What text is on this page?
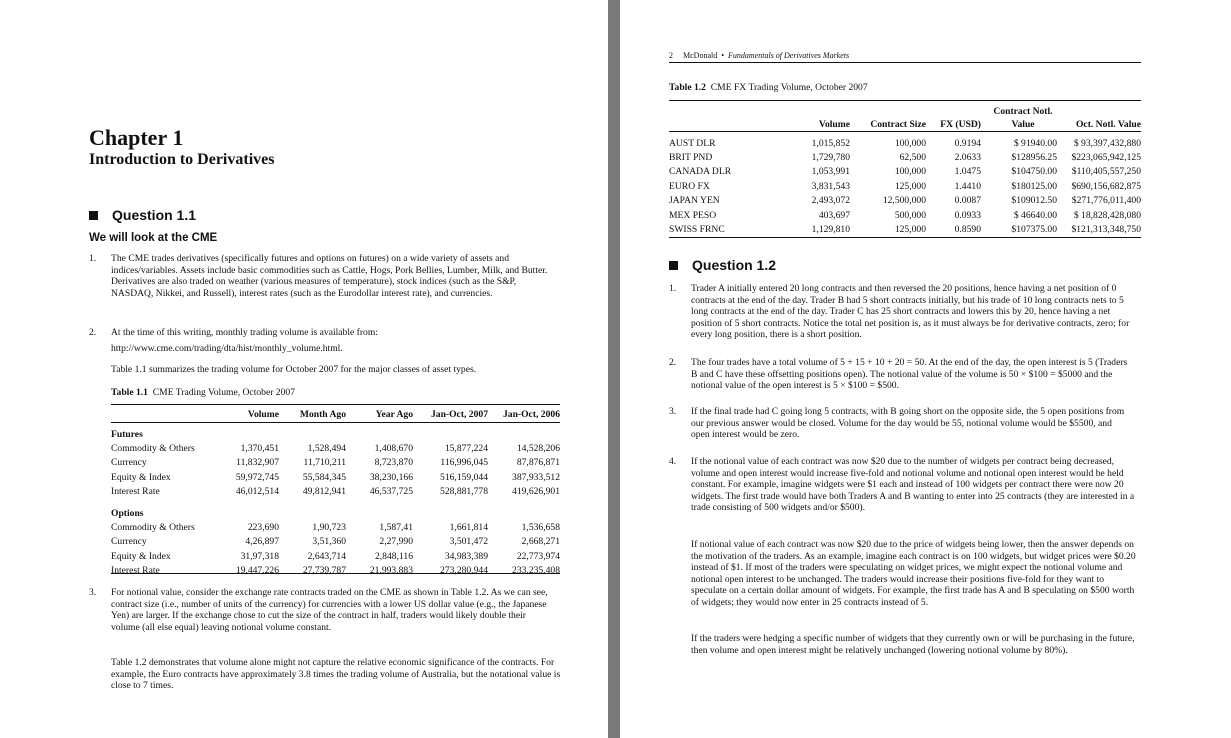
Chapter 1
Introduction to Derivatives
Question 1.1
We will look at the CME
1. The CME trades derivatives (specifically futures and options on futures) on a wide variety of assets and indices/variables. Assets include basic commodities such as Cattle, Hogs, Pork Bellies, Lumber, Milk, and Butter. Derivatives are also traded on weather (various measures of temperature), stock indices (such as the S&P, NASDAQ, Nikkei, and Russell), interest rates (such as the Eurodollar interest rate), and currencies.
2. At the time of this writing, monthly trading volume is available from:
http://www.cme.com/trading/dta/hist/monthly_volume.html.
Table 1.1 summarizes the trading volume for October 2007 for the major classes of asset types.
Table 1.1 CME Trading Volume, October 2007
	Volume	Month Ago	Year Ago	Jan-Oct, 2007	Jan-Oct, 2006

Futures					
Commodity & Others	1,370,451	1,528,494	1,408,670	15,877,224	14,528,206
Currency	11,832,907	11,710,211	8,723,870	116,996,045	87,876,871
Equity & Index	59,972,745	55,584,345	38,230,166	516,159,044	387,933,512
Interest Rate	46,012,514	49,812,941	46,537,725	528,881,778	419,626,901

Options					
Commodity & Others	223,690	1,90,723	1,587,41	1,661,814	1,536,658
Currency	4,26,897	3,51,360	2,27,990	3,501,472	2,668,271
Equity & Index	31,97,318	2,643,714	2,848,116	34,983,389	22,773,974
Interest Rate	19,447,226	27,739,787	21,993,883	273,280,944	233,235,408
3. For notional value, consider the exchange rate contracts traded on the CME as shown in Table 1.2. As we can see, contract size (i.e., number of units of the currency) for currencies with a lower US dollar value (e.g., the Japanese Yen) are larger. If the exchange chose to cut the size of the contract in half, traders would likely double their volume (all else equal) leaving notional volume constant.
Table 1.2 demonstrates that volume alone might not capture the relative economic significance of the contracts. For example, the Euro contracts have approximately 3.8 times the trading volume of Australia, but the notational value is close to 7 times.
2 McDonald • Fundamentals of Derivatives Markets
Table 1.2 CME FX Trading Volume, October 2007
				Contract Notl.	
	Volume	Contract Size	FX (USD)	Value	Oct. Notl. Value

AUST DLR	1,015,852	100,000	0.9194	$ 91940.00	$ 93,397,432,880
BRIT PND	1,729,780	62,500	2.0633	$128956.25	$223,065,942,125
CANADA DLR	1,053,991	100,000	1.0475	$104750.00	$110,405,557,250
EURO FX	3,831,543	125,000	1.4410	$180125.00	$690,156,682,875
JAPAN YEN	2,493,072	12,500,000	0.0087	$109012.50	$271,776,011,400
MEX PESO	403,697	500,000	0.0933	$ 46640.00	$ 18,828,428,080
SWISS FRNC	1,129,810	125,000	0.8590	$107375.00	$121,313,348,750
Question 1.2
1. Trader A initially entered 20 long contracts and then reversed the 20 positions, hence having a net position of 0 contracts at the end of the day. Trader B had 5 short contracts initially, but his trade of 10 long contracts nets to 5 long contracts at the end of the day. Trader C has 25 short contracts and lowers this by 20, hence having a net position of 5 short contracts. Notice the total net position is, as it must always be for derivative contracts, zero; for every long position, there is a short position.
2. The four trades have a total volume of 5 + 15 + 10 + 20 = 50. At the end of the day, the open interest is 5 (Traders B and C have these offsetting positions open). The notional value of the volume is 50 × $100 = $5000 and the notional value of the open interest is 5 × $100 = $500.
3. If the final trade had C going long 5 contracts, with B going short on the opposite side, the 5 open positions from our previous answer would be closed. Volume for the day would be 55, notional volume would be $5500, and open interest would be zero.
4. If the notional value of each contract was now $20 due to the number of widgets per contract being decreased, volume and open interest would increase five-fold and notional volume and notional open interest would be held constant. For example, imagine widgets were $1 each and instead of 100 widgets per contract there were now 20 widgets. The first trade would have both Traders A and B wanting to enter into 25 contracts (they are interested in a trade consisting of 500 widgets and/or $500).
If notional value of each contract was now $20 due to the price of widgets being lower, then the answer depends on the motivation of the traders. As an example, imagine each contract is on 100 widgets, but widget prices were $0.20 instead of $1. If most of the traders were speculating on widget prices, we might expect the notional volume and notional open interest to be unchanged. The traders would increase their positions five-fold for they want to speculate on a certain dollar amount of widgets. For example, the first trade has A and B speculating on $500 worth of widgets; they would now enter in 25 contracts instead of 5.
If the traders were hedging a specific number of widgets that they currently own or will be purchasing in the future, then volume and open interest might be relatively unchanged (lowering notional volume by 80%).
